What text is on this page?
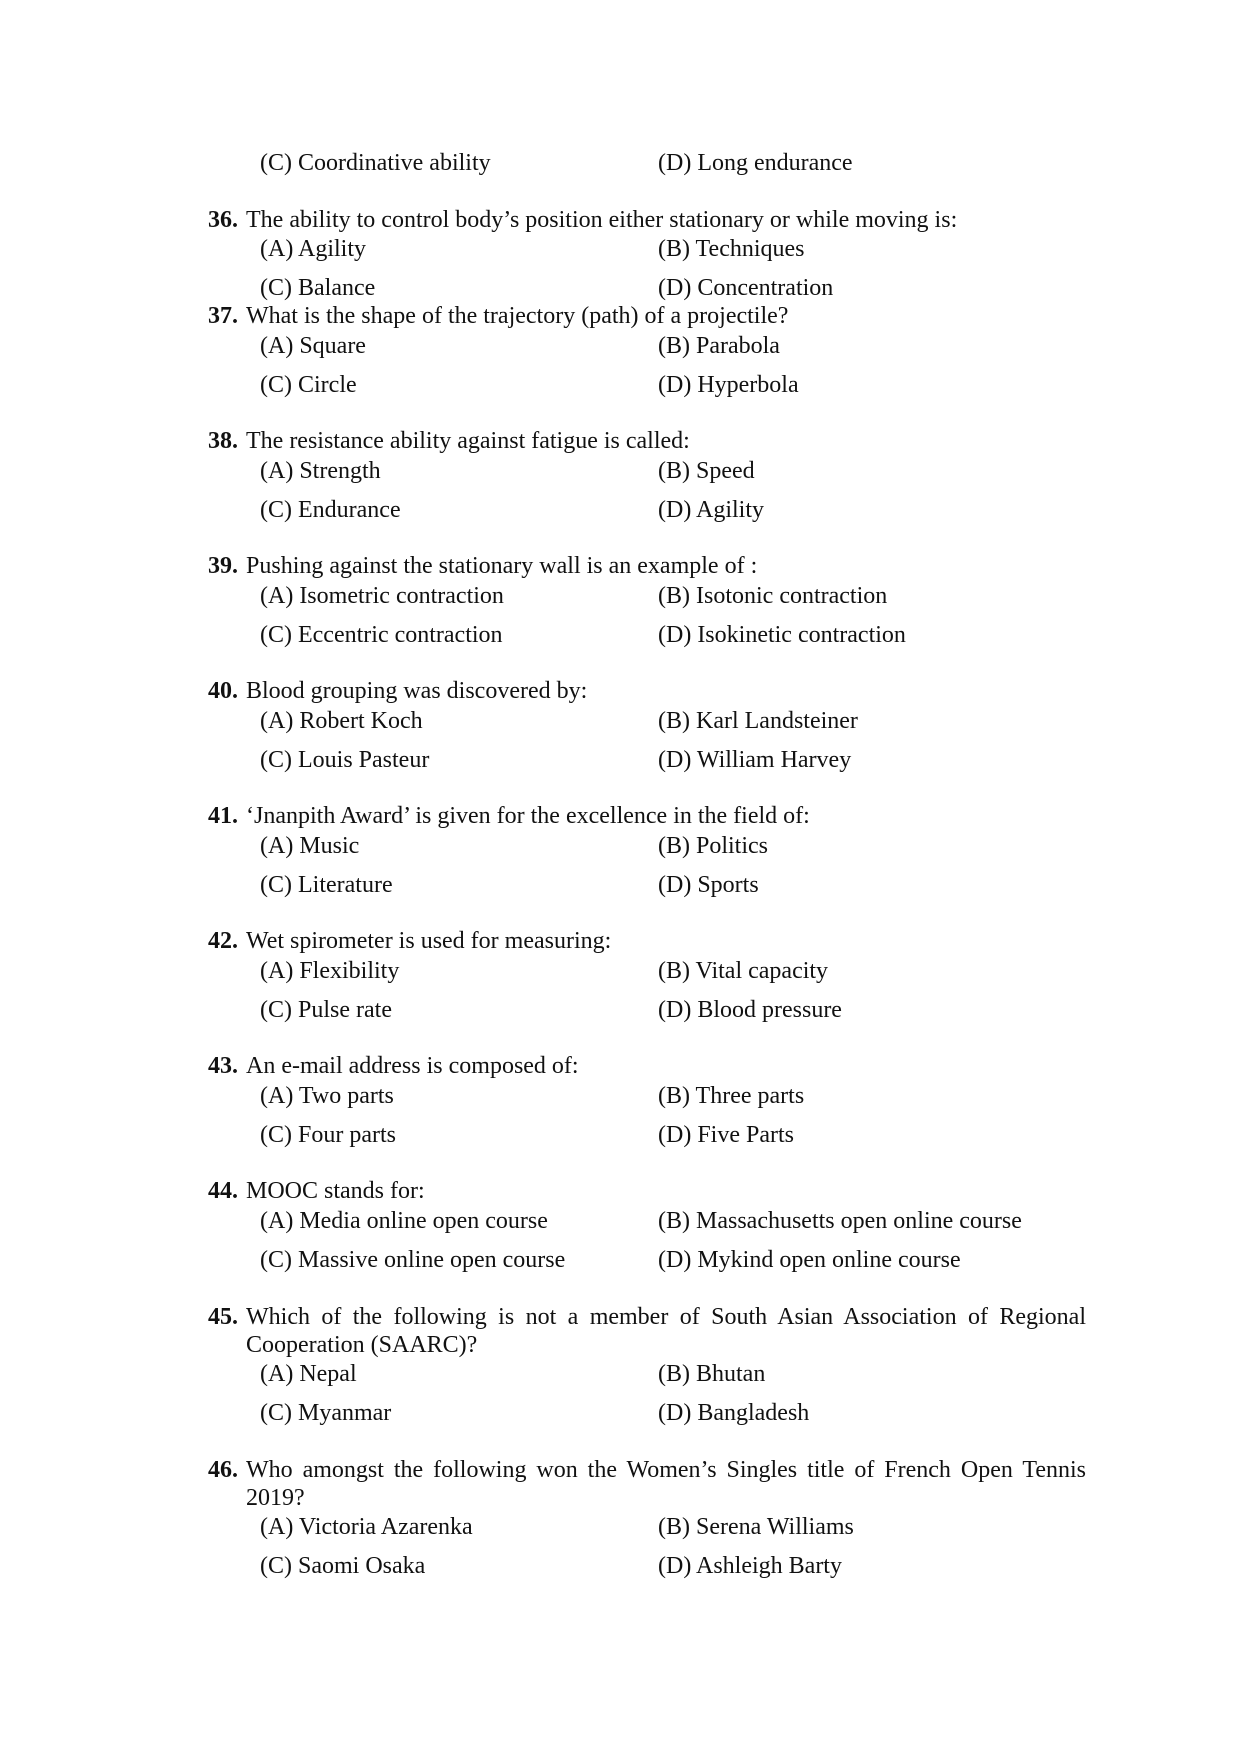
(C) Coordinative ability	(D) Long endurance
36. The ability to control body’s position either stationary or while moving is:
(A) Agility	(B) Techniques
(C) Balance	(D) Concentration
37. What is the shape of the trajectory (path) of a projectile?
(A) Square	(B) Parabola
(C) Circle	(D) Hyperbola
38. The resistance ability against fatigue is called:
(A) Strength	(B) Speed
(C) Endurance	(D) Agility
39. Pushing against the stationary wall is an example of :
(A) Isometric contraction	(B) Isotonic contraction
(C) Eccentric contraction	(D) Isokinetic contraction
40. Blood grouping was discovered by:
(A) Robert Koch	(B) Karl Landsteiner
(C) Louis Pasteur	(D) William Harvey
41. ‘Jnanpith Award’ is given for the excellence in the field of:
(A) Music	(B) Politics
(C) Literature	(D) Sports
42. Wet spirometer is used for measuring:
(A) Flexibility	(B) Vital capacity
(C) Pulse rate	(D) Blood pressure
43. An e-mail address is composed of:
(A) Two parts	(B) Three parts
(C) Four parts	(D) Five Parts
44. MOOC stands for:
(A) Media online open course	(B) Massachusetts open online course
(C) Massive online open course	(D) Mykind open online course
45. Which of the following is not a member of South Asian Association of Regional Cooperation (SAARC)?
(A) Nepal	(B) Bhutan
(C) Myanmar	(D) Bangladesh
46. Who amongst the following won the Women’s Singles title of French Open Tennis 2019?
(A) Victoria Azarenka	(B) Serena Williams
(C) Saomi Osaka	(D) Ashleigh Barty
